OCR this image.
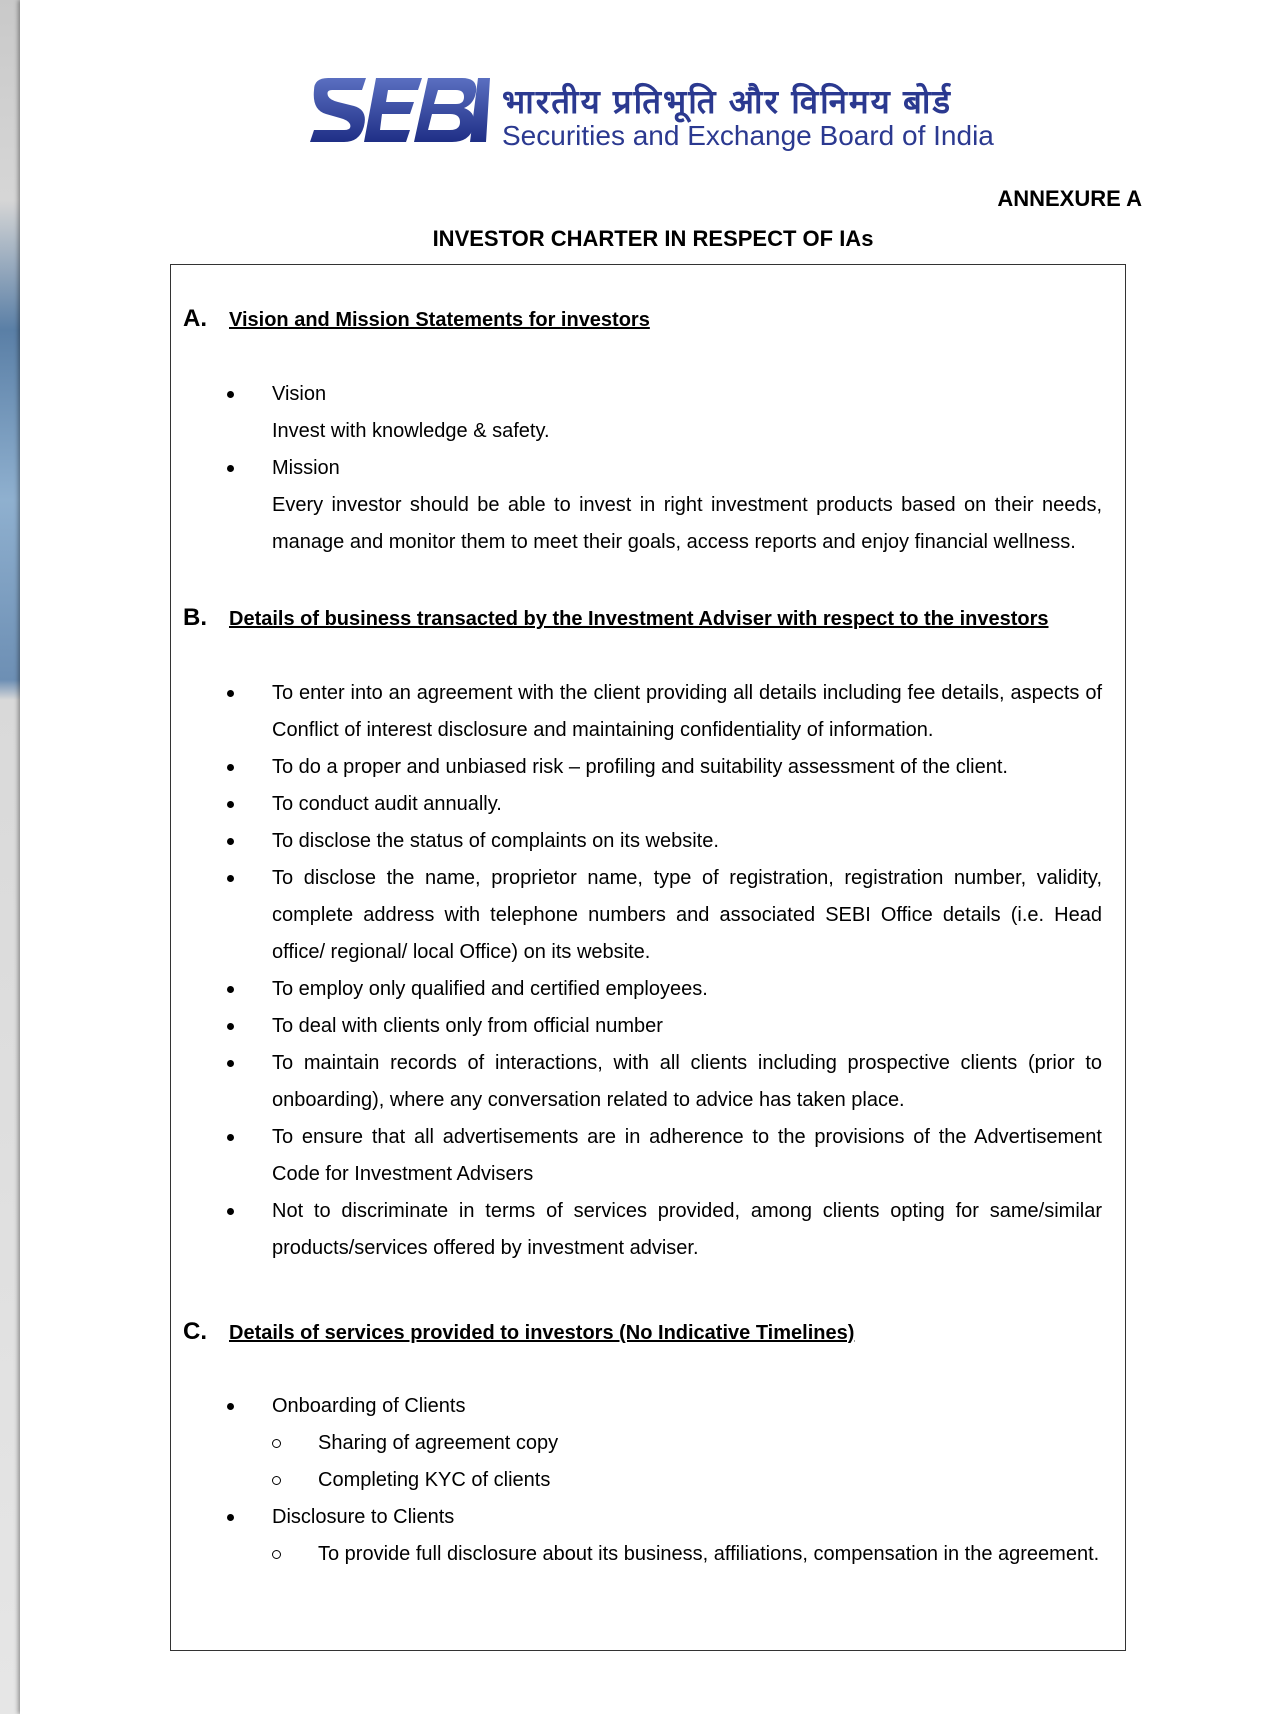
भारतीय प्रतिभूति और विनिमय बोर्ड
Securities and Exchange Board of India
ANNEXURE A
INVESTOR CHARTER IN RESPECT OF IAs
A. Vision and Mission Statements for investors
Vision
Invest with knowledge & safety.
Mission
Every investor should be able to invest in right investment products based on their needs, manage and monitor them to meet their goals, access reports and enjoy financial wellness.
B. Details of business transacted by the Investment Adviser with respect to the investors
To enter into an agreement with the client providing all details including fee details, aspects of Conflict of interest disclosure and maintaining confidentiality of information.
To do a proper and unbiased risk – profiling and suitability assessment of the client.
To conduct audit annually.
To disclose the status of complaints on its website.
To disclose the name, proprietor name, type of registration, registration number, validity, complete address with telephone numbers and associated SEBI Office details (i.e. Head office/ regional/ local Office) on its website.
To employ only qualified and certified employees.
To deal with clients only from official number
To maintain records of interactions, with all clients including prospective clients (prior to onboarding), where any conversation related to advice has taken place.
To ensure that all advertisements are in adherence to the provisions of the Advertisement Code for Investment Advisers
Not to discriminate in terms of services provided, among clients opting for same/similar products/services offered by investment adviser.
C. Details of services provided to investors (No Indicative Timelines)
Onboarding of Clients
Sharing of agreement copy
Completing KYC of clients
Disclosure to Clients
To provide full disclosure about its business, affiliations, compensation in the agreement.
